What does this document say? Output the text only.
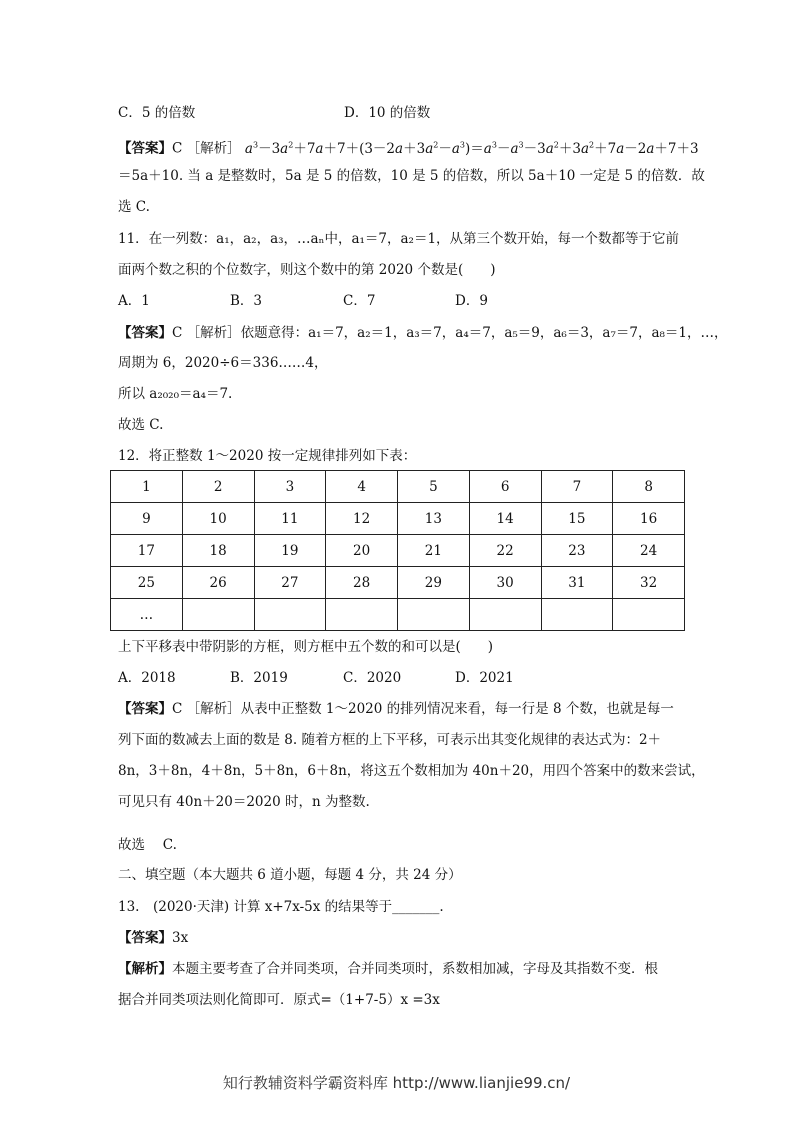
C．5 的倍数	D．10 的倍数
【答案】C ［解析］ $a^3-3a^2+7a+7+(3-2a+3a^2-a^3)=a^3-a^3-3a^2+3a^2+7a-2a+7+3$
＝5a＋10. 当 a 是整数时，5a 是 5 的倍数，10 是 5 的倍数，所以 5a＋10 一定是 5 的倍数．故
选 C.
11．在一列数：a₁，a₂，a₃，…aₙ中，a₁＝7，a₂＝1，从第三个数开始，每一个数都等于它前
面两个数之积的个位数字，则这个数中的第 2020 个数是(　　)
A．1	B．3	C．7	D．9
【答案】C ［解析］依题意得：a₁＝7，a₂＝1，a₃＝7，a₄＝7，a₅＝9，a₆＝3，a₇＝7，a₈＝1，…，
周期为 6，2020÷6＝336……4，
所以 a₂₀₂₀＝a₄＝7.
故选 C.
12．将正整数 1～2020 按一定规律排列如下表：
1	2	3	4	5	6	7	8
9	10	11	12	13	14	15	16
17	18	19	20	21	22	23	24
25	26	27	28	29	30	31	32
…							
上下平移表中带阴影的方框，则方框中五个数的和可以是(　　)
A．2018	B．2019	C．2020	D．2021
【答案】C ［解析］从表中正整数 1～2020 的排列情况来看，每一行是 8 个数，也就是每一
列下面的数减去上面的数是 8. 随着方框的上下平移，可表示出其变化规律的表达式为：2＋
8n，3＋8n，4＋8n，5＋8n，6＋8n，将这五个数相加为 40n＋20，用四个答案中的数来尝试，
可见只有 40n＋20＝2020 时，n 为整数.
故选　 C.
二、填空题（本大题共 6 道小题，每题 4 分，共 24 分）
13.　(2020·天津) 计算 x+7x-5x 的结果等于_______.
【答案】3x
【解析】本题主要考查了合并同类项，合并同类项时，系数相加减，字母及其指数不变．根
据合并同类项法则化简即可．原式=（1+7-5）x =3x
知行教辅资料学霸资料库 http://www.lianjie99.cn/
